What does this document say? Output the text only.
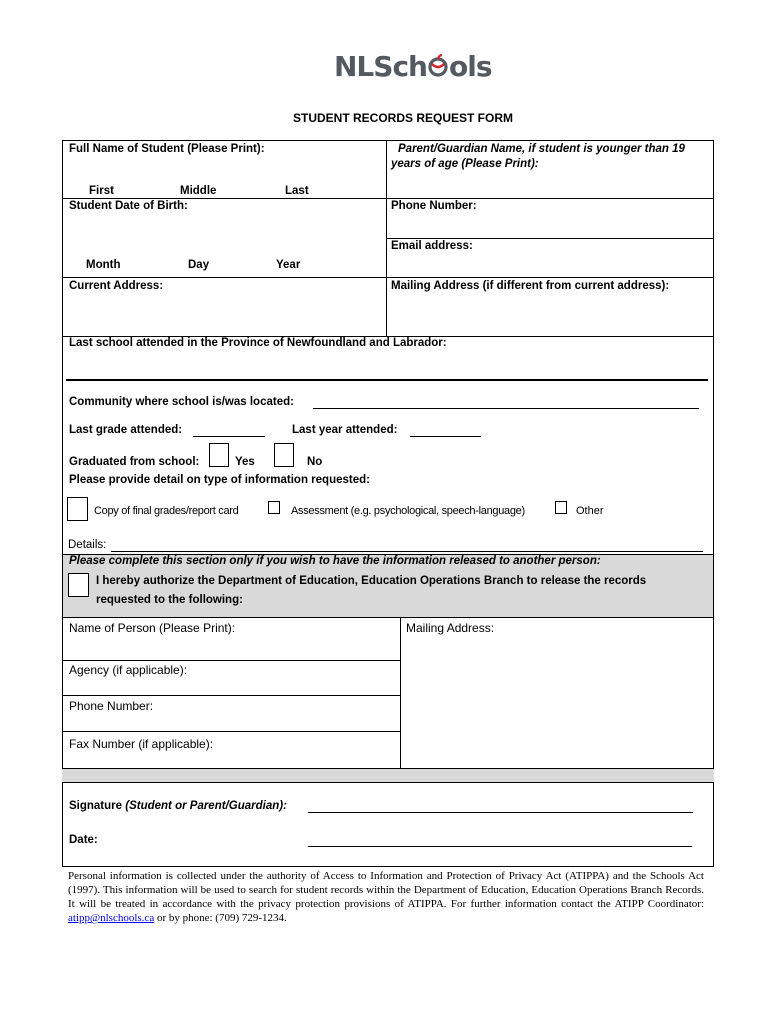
NLSch ols
STUDENT RECORDS REQUEST FORM
Full Name of Student (Please Print):	Parent/Guardian Name, if student is younger than 19
years of age (Please Print):
First	Middle	Last
Student Date of Birth:	Phone Number:
Email address:
Month	Day	Year
Current Address:	Mailing Address (if different from current address):
Last school attended in the Province of Newfoundland and Labrador:
Community where school is/was located:
Last grade attended:	Last year attended:
Graduated from school:	Yes	No
Please provide detail on type of information requested:
Copy of final grades/report card	Assessment (e.g. psychological, speech-language)	Other
Details:
Please complete this section only if you wish to have the information released to another person:
I hereby authorize the Department of Education, Education Operations Branch to release the records
requested to the following:
Name of Person (Please Print):	Mailing Address:
Agency (if applicable):
Phone Number:
Fax Number (if applicable):
Signature (Student or Parent/Guardian):
Date:
Personal information is collected under the authority of Access to Information and Protection of Privacy Act (ATIPPA) and the Schools Act (1997). This information will be used to search for student records within the Department of Education, Education Operations Branch Records. It will be treated in accordance with the privacy protection provisions of ATIPPA. For further information contact the ATIPP Coordinator: atipp@nlschools.ca or by phone: (709) 729-1234.
